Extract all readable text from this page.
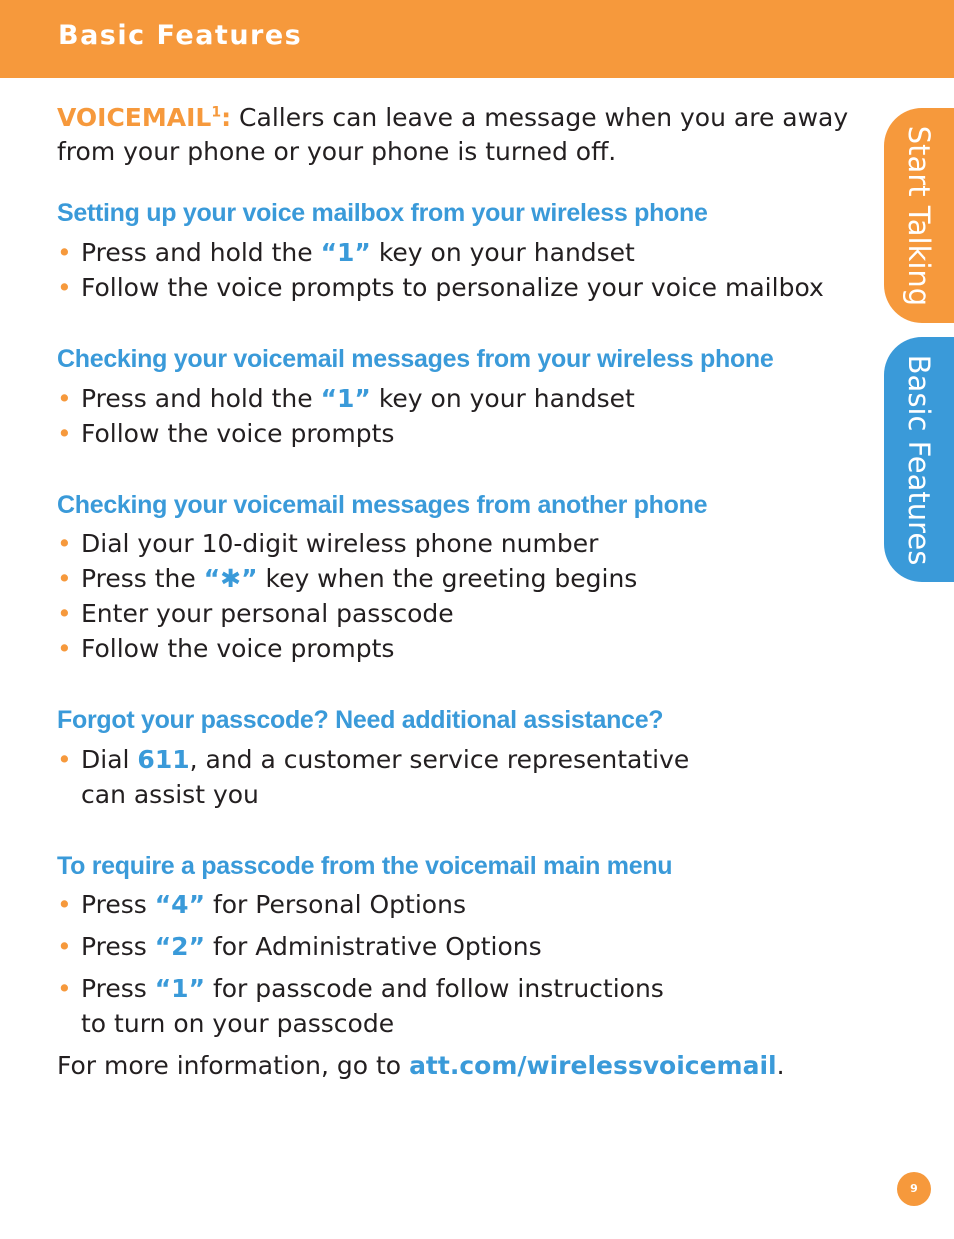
Basic Features
Start Talking
Basic Features

VOICEMAIL$^1$: Callers can leave a message when you are away from your phone or your phone is turned off.

Setting up your voice mailbox from your wireless phone
• Press and hold the “1” key on your handset
• Follow the voice prompts to personalize your voice mailbox
Checking your voicemail messages from your wireless phone
• Press and hold the “1” key on your handset
• Follow the voice prompts
Checking your voicemail messages from another phone
• Dial your 10-digit wireless phone number
• Press the “✱” key when the greeting begins
• Enter your personal passcode
• Follow the voice prompts
Forgot your passcode? Need additional assistance?
• Dial 611, and a customer service representative
can assist you
To require a passcode from the voicemail main menu
• Press “4” for Personal Options
• Press “2” for Administrative Options
• Press “1” for passcode and follow instructions
to turn on your passcode

For more information, go to att.com/wirelessvoicemail.

9
